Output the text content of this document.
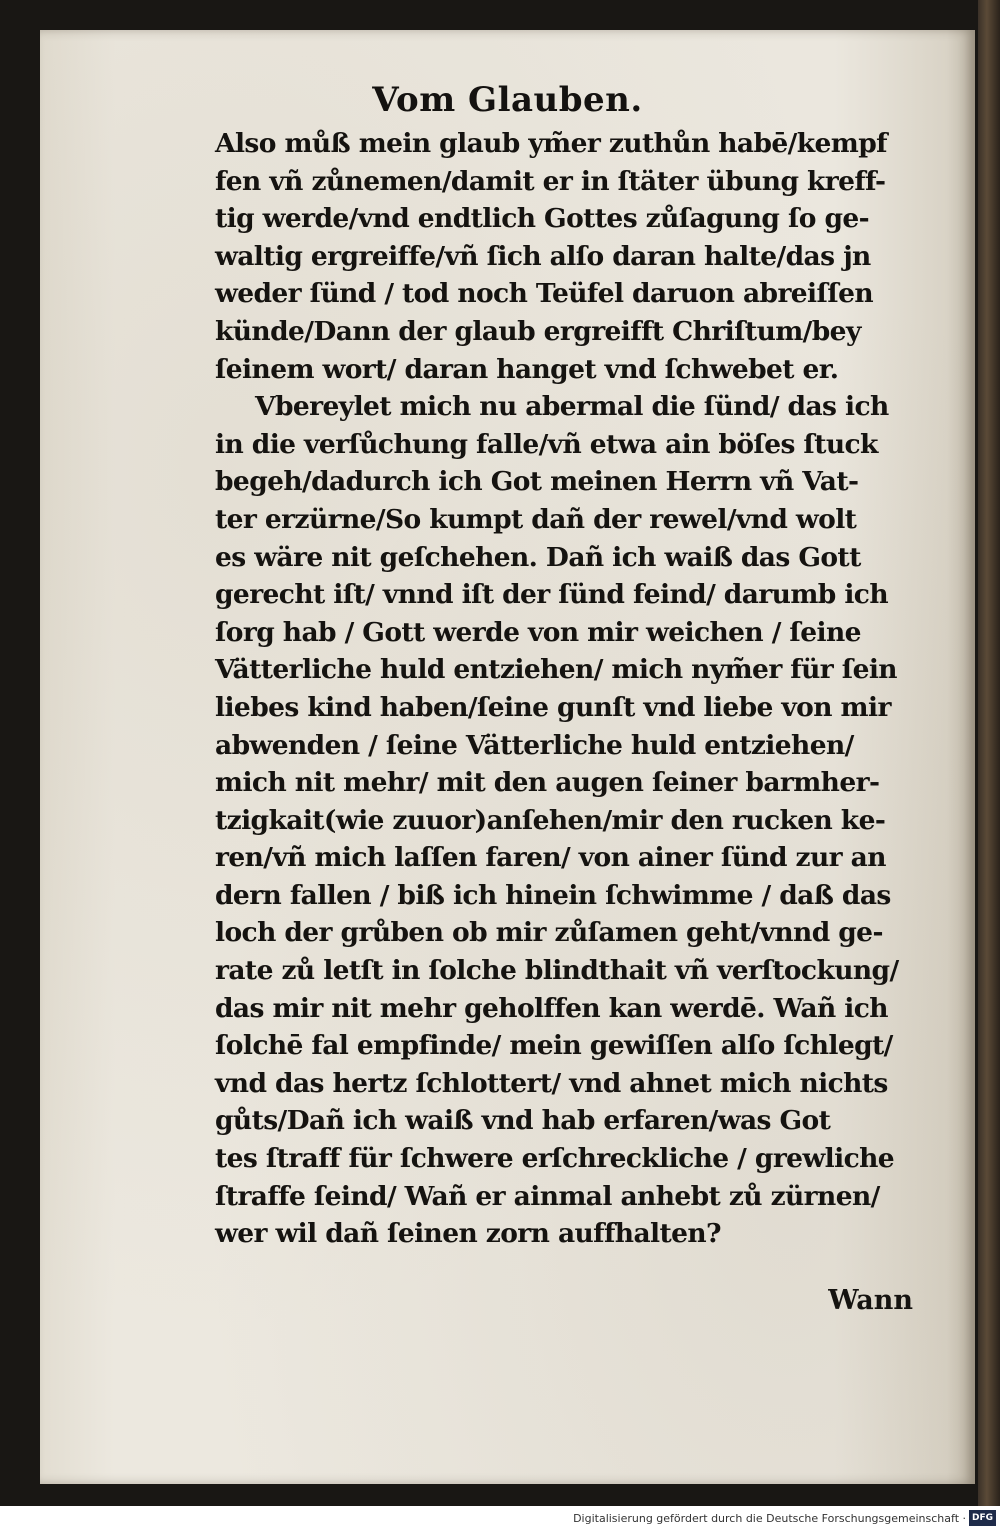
Vom Glauben.
Also můß mein glaub ym̃er zuthůn habē/kempf
fen vñ zůnemen/damit er in ſtäter übung kreff-
tig werde/vnd endtlich Gottes zůſagung ſo ge-
waltig ergreiffe/vñ ſich alſo daran halte/das jn
weder ſünd / tod noch Teüfel daruon abreiſſen
künde/Dann der glaub ergreifft Chriſtum/bey
ſeinem wort/ daran hanget vnd ſchwebet er.
Vbereylet mich nu abermal die ſünd/ das ich
in die verſůchung falle/vñ etwa ain böſes ſtuck
begeh/dadurch ich Got meinen Herrn vñ Vat-
ter erzürne/So kumpt dañ der rewel/vnd wolt
es wäre nit geſchehen. Dañ ich waiß das Gott
gerecht iſt/ vnnd iſt der ſünd feind/ darumb ich
ſorg hab / Gott werde von mir weichen / ſeine
Vätterliche huld entziehen/ mich nym̃er für ſein
liebes kind haben/ſeine gunſt vnd liebe von mir
abwenden / ſeine Vätterliche huld entziehen/
mich nit mehr/ mit den augen ſeiner barmher-
tzigkait(wie zuuor)anſehen/mir den rucken ke-
ren/vñ mich laſſen faren/ von ainer ſünd zur an
dern fallen / biß ich hinein ſchwimme / daß das
loch der grůben ob mir zůſamen geht/vnnd ge-
rate zů letſt in ſolche blindthait vñ verſtockung/
das mir nit mehr geholffen kan werdē. Wañ ich
ſolchē fal empfinde/ mein gewiſſen alſo ſchlegt/
vnd das hertz ſchlottert/ vnd ahnet mich nichts
gůts/Dañ ich waiß vnd hab erfaren/was Got
tes ſtraff für ſchwere erſchreckliche / grewliche
ſtraffe ſeind/ Wañ er ainmal anhebt zů zürnen/
wer wil dañ ſeinen zorn auffhalten?
Wann
Digitalisierung gefördert durch die Deutsche Forschungsgemeinschaft · DFG
